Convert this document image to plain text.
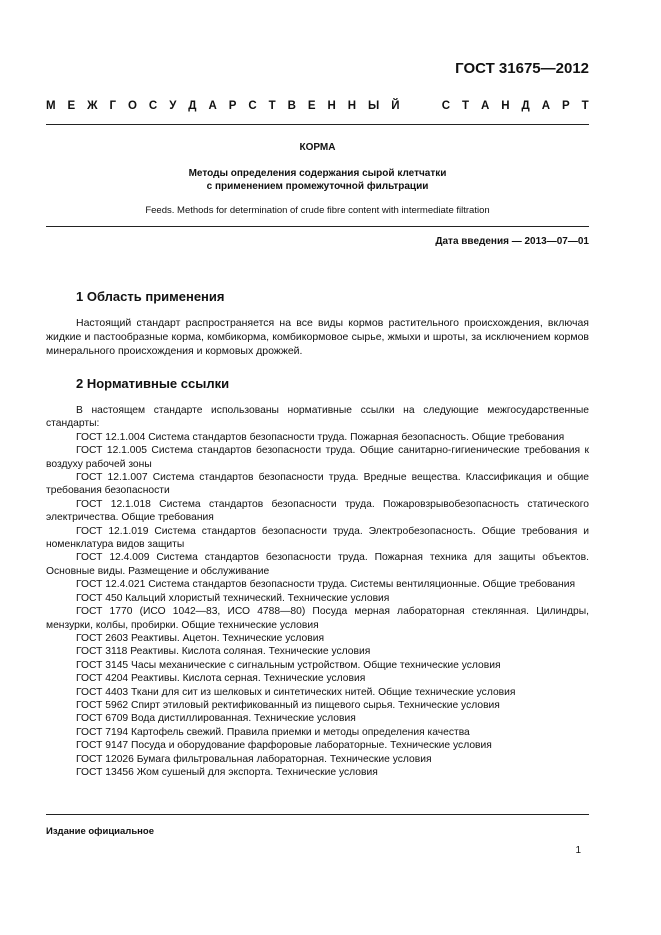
ГОСТ 31675—2012
М Е Ж Г О С У Д А Р С Т В Е Н Н Ы Й

	С Т А Н Д А Р Т
КОРМА
Методы определения содержания сырой клетчатки
с применением промежуточной фильтрации
Feeds. Methods for determination of crude fibre content with intermediate filtration
Дата введения — 2013—07—01
1 Область применения

Настоящий стандарт распространяется на все виды кормов растительного происхождения, включая жидкие и пастообразные корма, комбикорма, комбикормовое сырье, жмыхи и шроты, за исключением кормов минерального происхождения и кормовых дрожжей.

2 Нормативные ссылки

В настоящем стандарте использованы нормативные ссылки на следующие межгосударственные стандарты:

ГОСТ 12.1.004 Система стандартов безопасности труда. Пожарная безопасность. Общие требования
ГОСТ 12.1.005 Система стандартов безопасности труда. Общие санитарно-гигиенические требования к воздуху рабочей зоны
ГОСТ 12.1.007 Система стандартов безопасности труда. Вредные вещества. Классификация и общие требования безопасности
ГОСТ 12.1.018 Система стандартов безопасности труда. Пожаровзрывобезопасность статического электричества. Общие требования
ГОСТ 12.1.019 Система стандартов безопасности труда. Электробезопасность. Общие требования и номенклатура видов защиты
ГОСТ 12.4.009 Система стандартов безопасности труда. Пожарная техника для защиты объектов. Основные виды. Размещение и обслуживание
ГОСТ 12.4.021 Система стандартов безопасности труда. Системы вентиляционные. Общие требования
ГОСТ 450 Кальций хлористый технический. Технические условия
ГОСТ 1770 (ИСО 1042—83, ИСО 4788—80) Посуда мерная лабораторная стеклянная. Цилиндры, мензурки, колбы, пробирки. Общие технические условия
ГОСТ 2603 Реактивы. Ацетон. Технические условия
ГОСТ 3118 Реактивы. Кислота соляная. Технические условия
ГОСТ 3145 Часы механические с сигнальным устройством. Общие технические условия
ГОСТ 4204 Реактивы. Кислота серная. Технические условия
ГОСТ 4403 Ткани для сит из шелковых и синтетических нитей. Общие технические условия
ГОСТ 5962 Спирт этиловый ректификованный из пищевого сырья. Технические условия
ГОСТ 6709 Вода дистиллированная. Технические условия
ГОСТ 7194 Картофель свежий. Правила приемки и методы определения качества
ГОСТ 9147 Посуда и оборудование фарфоровые лабораторные. Технические условия
ГОСТ 12026 Бумага фильтровальная лабораторная. Технические условия
ГОСТ 13456 Жом сушеный для экспорта. Технические условия
Издание официальное
1
